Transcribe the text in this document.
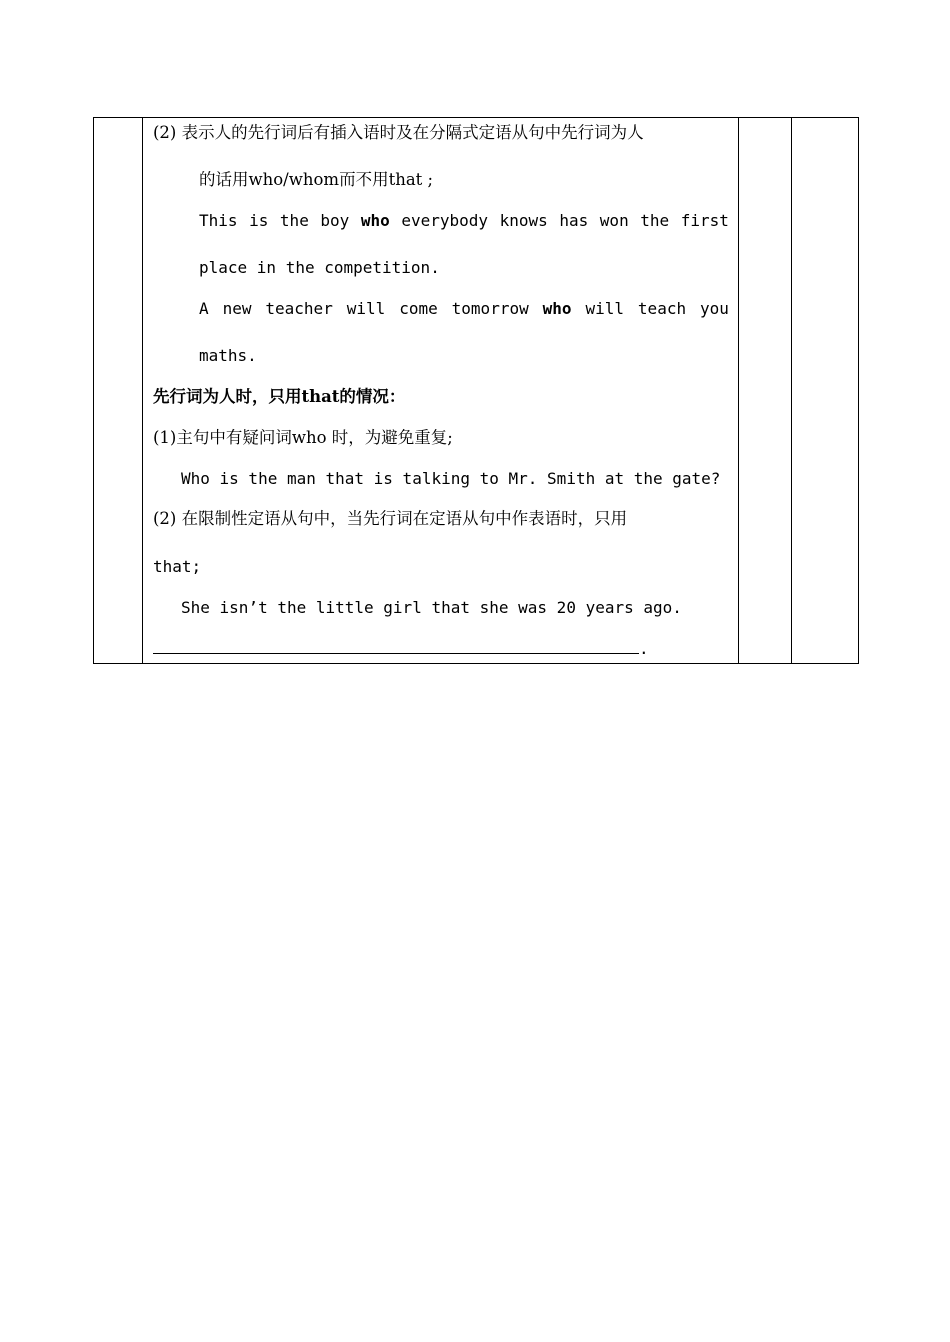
(2) 表示人的先行词后有插入语时及在分隔式定语从句中先行词为人
的话用who/whom而不用that ;
This is the boy who everybody knows has won the first
place in the competition.
A new teacher will come tomorrow who will teach you
maths.
先行词为人时，只用that的情况：
(1)主句中有疑问词who 时，为避免重复;
Who is the man that is talking to Mr. Smith at the gate?
(2) 在限制性定语从句中，当先行词在定语从句中作表语时，只用
that;
She isn’t the little girl that she was 20 years ago.
.
